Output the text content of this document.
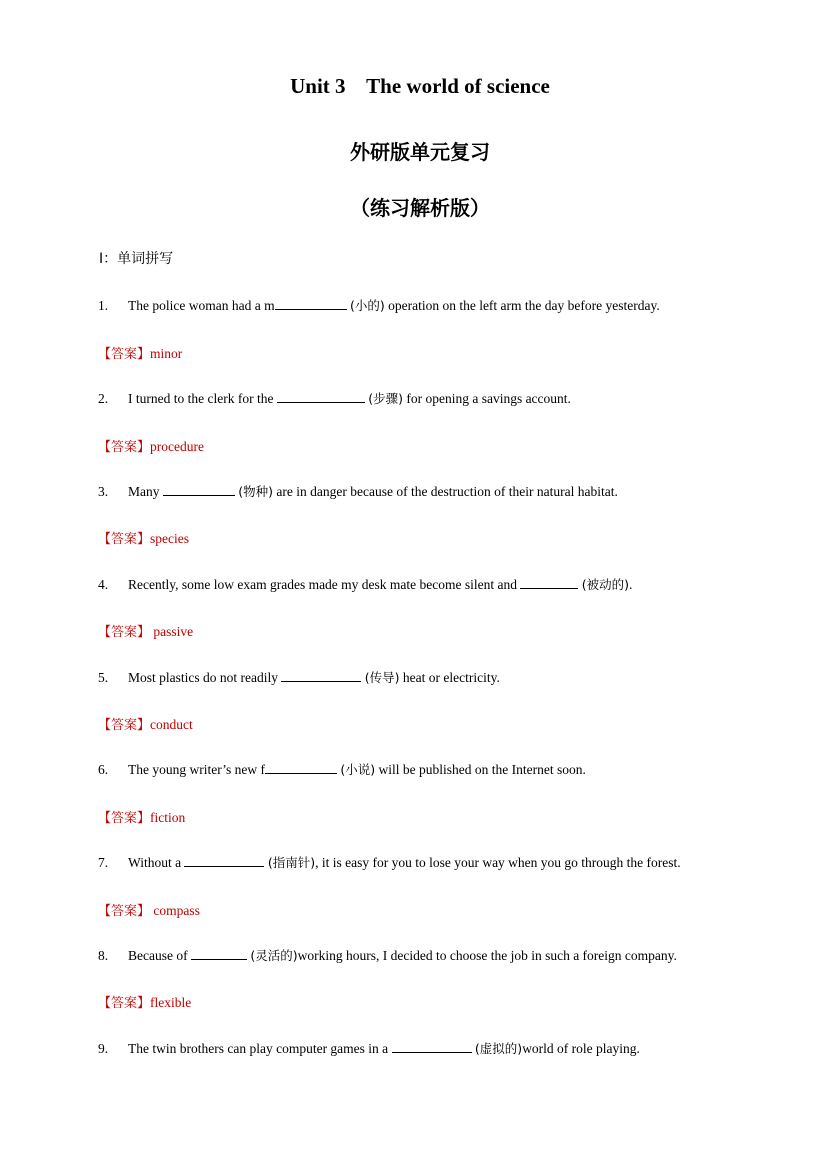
Unit 3    The world of science
外研版单元复习
（练习解析版）
I：单词拼写
1. The police woman had a m	(小的) operation on the left arm the day before yesterday.
【答案】minor
2. I turned to the clerk for the	(步骤) for opening a savings account.
【答案】procedure
3. Many	(物种) are in danger because of the destruction of their natural habitat.
【答案】species
4. Recently, some low exam grades made my desk mate become silent and	(被动的).
【答案】 passive
5. Most plastics do not readily	(传导) heat or electricity.
【答案】conduct
6. The young writer’s new f	(小说) will be published on the Internet soon.
【答案】fiction
7. Without a	(指南针), it is easy for you to lose your way when you go through the forest.
【答案】 compass
8. Because of	(灵活的)working hours, I decided to choose the job in such a foreign company.
【答案】flexible
9. The twin brothers can play computer games in a	(虚拟的)world of role playing.
